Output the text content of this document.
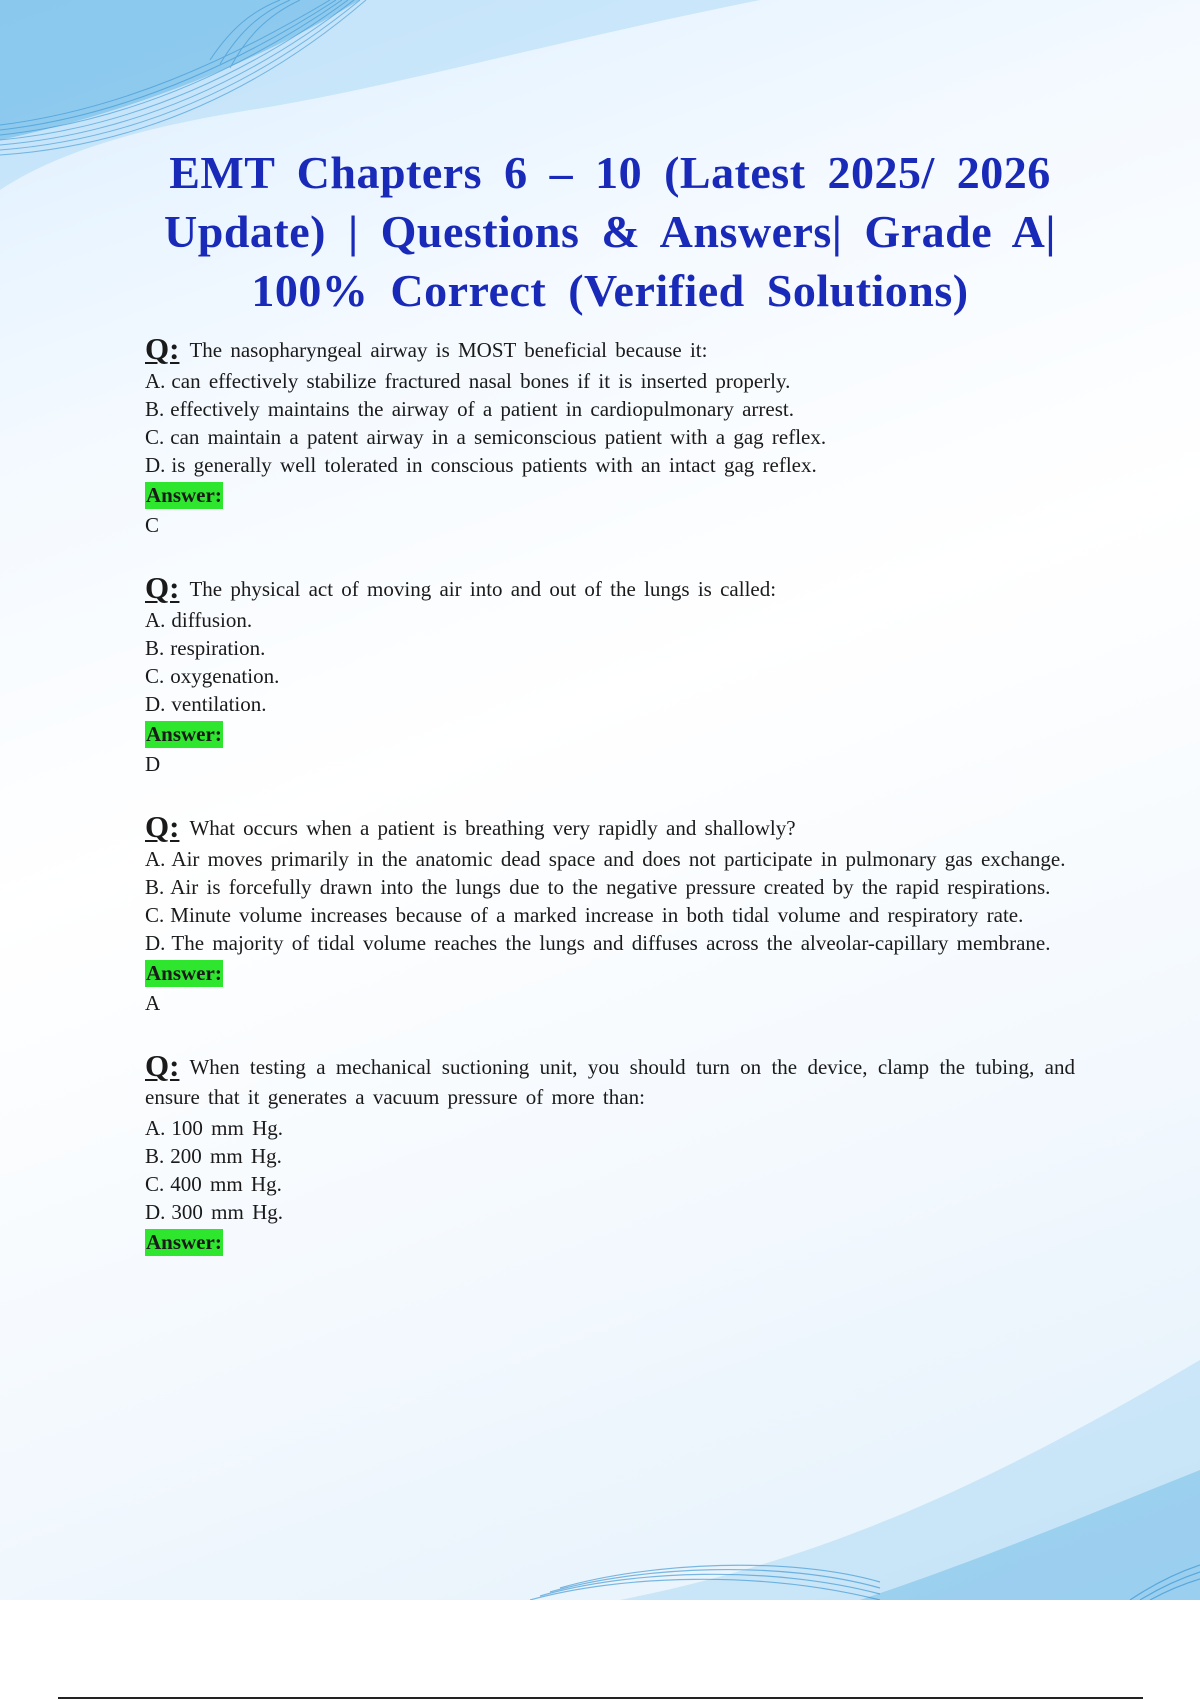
EMT Chapters 6 – 10 (Latest 2025/ 2026 Update) | Questions & Answers| Grade A| 100% Correct (Verified Solutions)

Q: The nasopharyngeal airway is MOST beneficial because it:

A. can effectively stabilize fractured nasal bones if it is inserted properly.

B. effectively maintains the airway of a patient in cardiopulmonary arrest.

C. can maintain a patent airway in a semiconscious patient with a gag reflex.

D. is generally well tolerated in conscious patients with an intact gag reflex.

Answer:

C

Q: The physical act of moving air into and out of the lungs is called:

A. diffusion.

B. respiration.

C. oxygenation.

D. ventilation.

Answer:

D

Q: What occurs when a patient is breathing very rapidly and shallowly?

A. Air moves primarily in the anatomic dead space and does not participate in pulmonary gas exchange.

B. Air is forcefully drawn into the lungs due to the negative pressure created by the rapid respirations.

C. Minute volume increases because of a marked increase in both tidal volume and respiratory rate.

D. The majority of tidal volume reaches the lungs and diffuses across the alveolar-capillary membrane.

Answer:

A

Q: When testing a mechanical suctioning unit, you should turn on the device, clamp the tubing, and ensure that it generates a vacuum pressure of more than:

A. 100 mm Hg.

B. 200 mm Hg.

C. 400 mm Hg.

D. 300 mm Hg.

Answer:
